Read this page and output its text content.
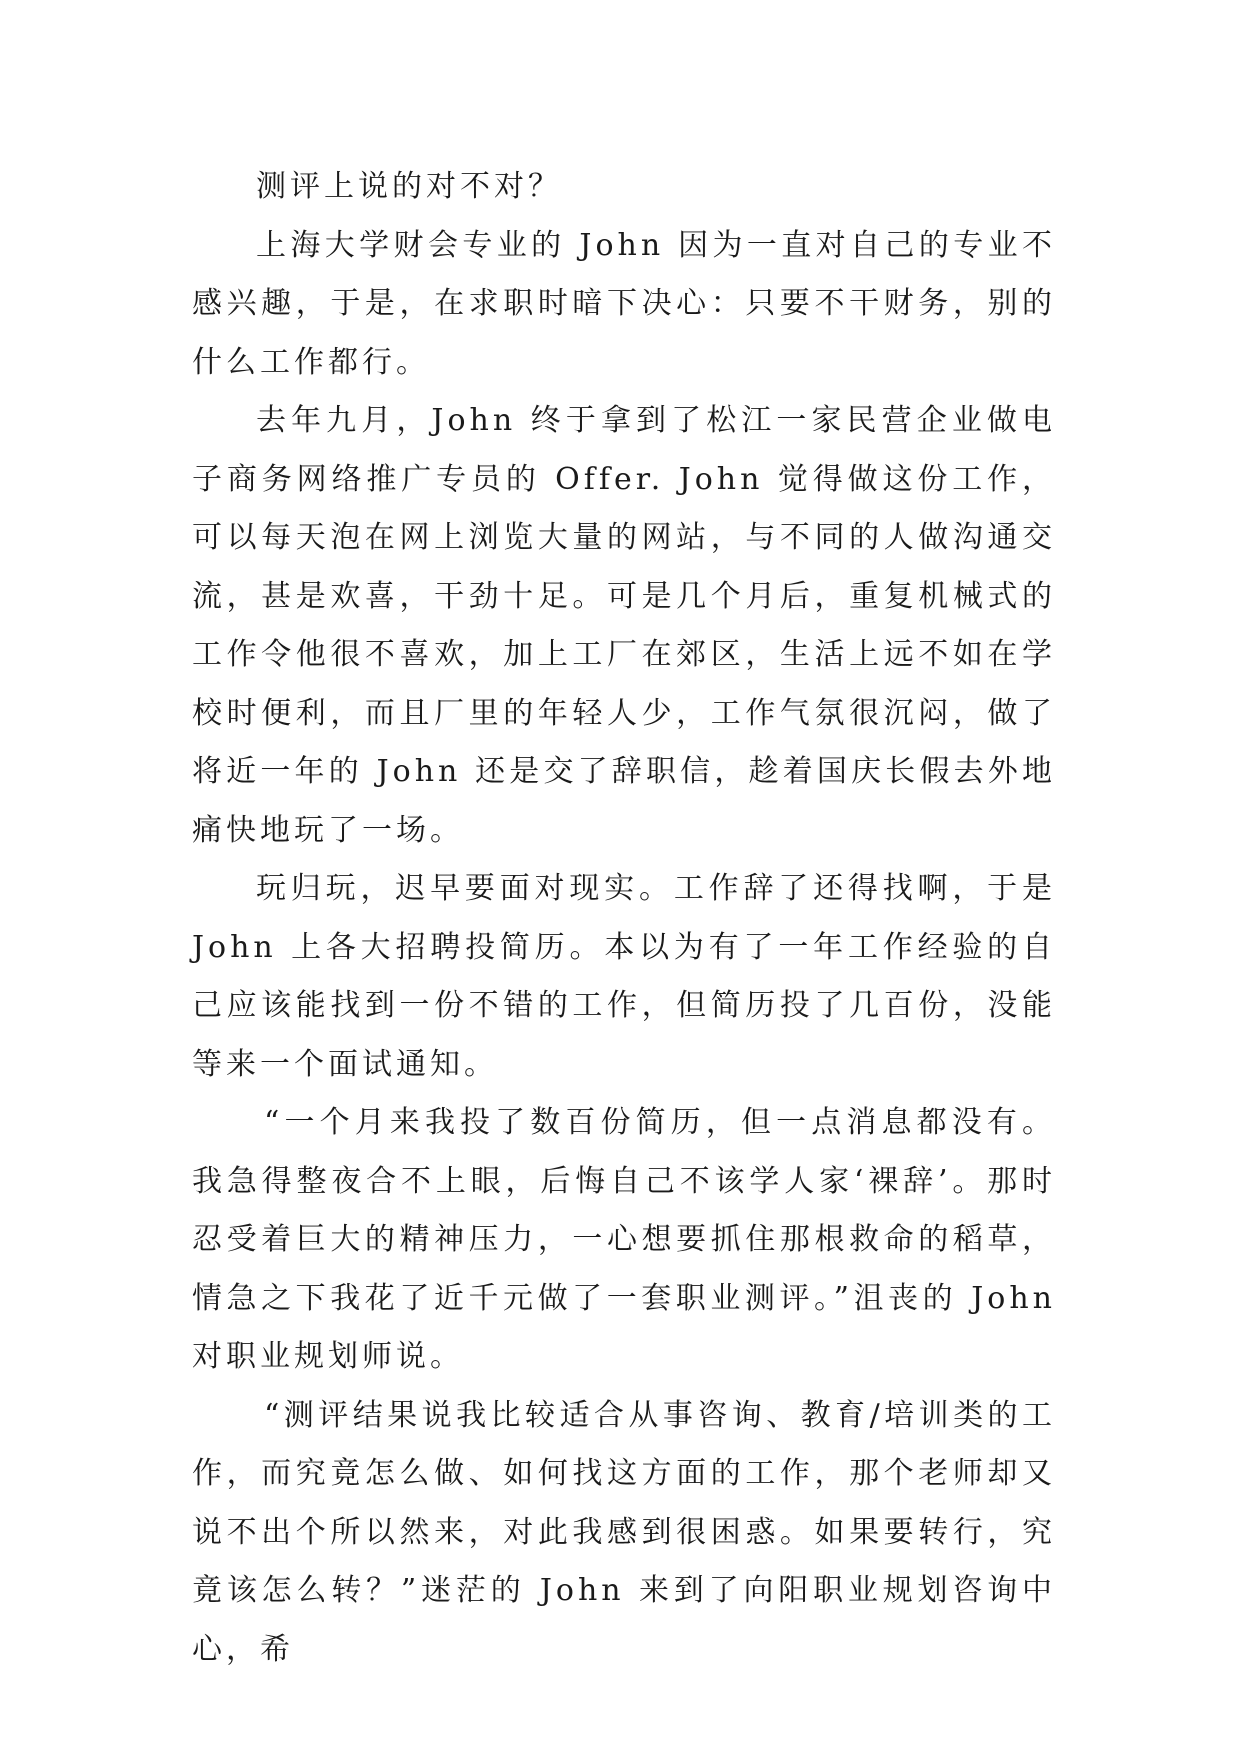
测评上说的对不对？

上海大学财会专业的 John 因为一直对自己的专业不感兴趣，于是，在求职时暗下决心：只要不干财务，别的什么工作都行。

去年九月，John 终于拿到了松江一家民营企业做电子商务网络推广专员的 Offer. John 觉得做这份工作，可以每天泡在网上浏览大量的网站，与不同的人做沟通交流，甚是欢喜，干劲十足。可是几个月后，重复机械式的工作令他很不喜欢，加上工厂在郊区，生活上远不如在学校时便利，而且厂里的年轻人少，工作气氛很沉闷，做了将近一年的 John 还是交了辞职信，趁着国庆长假去外地痛快地玩了一场。

玩归玩，迟早要面对现实。工作辞了还得找啊，于是 John 上各大招聘投简历。本以为有了一年工作经验的自己应该能找到一份不错的工作，但简历投了几百份，没能等来一个面试通知。

“一个月来我投了数百份简历，但一点消息都没有。我急得整夜合不上眼，后悔自己不该学人家‘裸辞’。那时忍受着巨大的精神压力，一心想要抓住那根救命的稻草，情急之下我花了近千元做了一套职业测评。”沮丧的 John 对职业规划师说。

“测评结果说我比较适合从事咨询、教育/培训类的工作，而究竟怎么做、如何找这方面的工作，那个老师却又说不出个所以然来，对此我感到很困惑。如果要转行，究竟该怎么转？”迷茫的 John 来到了向阳职业规划咨询中心，希
